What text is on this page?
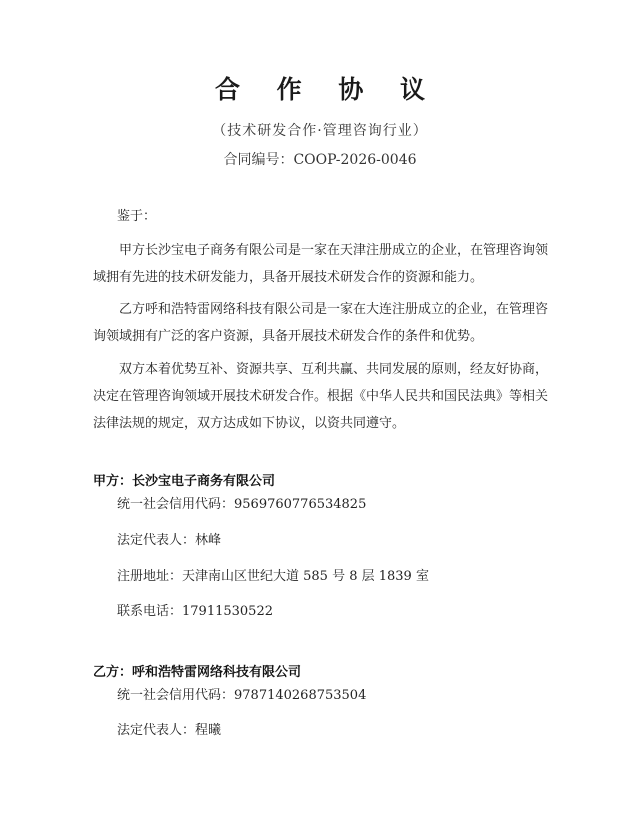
合 作 协 议
（技术研发合作·管理咨询行业）
合同编号：COOP-2026-0046

鉴于：

甲方长沙宝电子商务有限公司是一家在天津注册成立的企业，在管理咨询领域拥有先进的技术研发能力，具备开展技术研发合作的资源和能力。

乙方呼和浩特雷网络科技有限公司是一家在大连注册成立的企业，在管理咨询领域拥有广泛的客户资源，具备开展技术研发合作的条件和优势。

双方本着优势互补、资源共享、互利共赢、共同发展的原则，经友好协商，决定在管理咨询领域开展技术研发合作。根据《中华人民共和国民法典》等相关法律法规的规定，双方达成如下协议，以资共同遵守。

甲方：长沙宝电子商务有限公司

统一社会信用代码：9569760776534825
法定代表人：林峰
注册地址：天津南山区世纪大道 585 号 8 层 1839 室
联系电话：17911530522

乙方：呼和浩特雷网络科技有限公司

统一社会信用代码：9787140268753504
法定代表人：程曦
